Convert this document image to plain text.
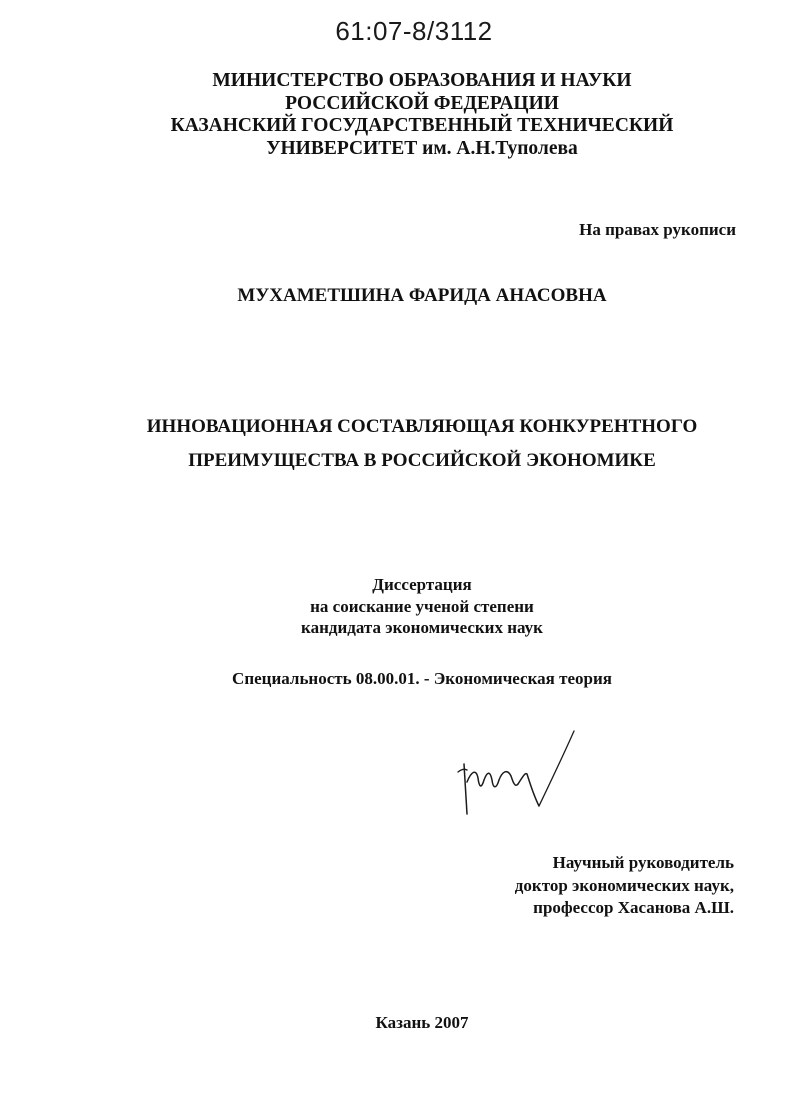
61:07-8/3112
МИНИСТЕРСТВО ОБРАЗОВАНИЯ И НАУКИ
РОССИЙСКОЙ ФЕДЕРАЦИИ
КАЗАНСКИЙ ГОСУДАРСТВЕННЫЙ ТЕХНИЧЕСКИЙ
УНИВЕРСИТЕТ им. А.Н.Туполева
На правах рукописи
МУХАМЕТШИНА ФАРИДА АНАСОВНА
ИННОВАЦИОННАЯ СОСТАВЛЯЮЩАЯ КОНКУРЕНТНОГО
ПРЕИМУЩЕСТВА В РОССИЙСКОЙ ЭКОНОМИКЕ
Диссертация
на соискание ученой степени
кандидата экономических наук
Специальность 08.00.01. - Экономическая теория
Научный руководитель
доктор экономических наук,
профессор Хасанова А.Ш.
Казань 2007
